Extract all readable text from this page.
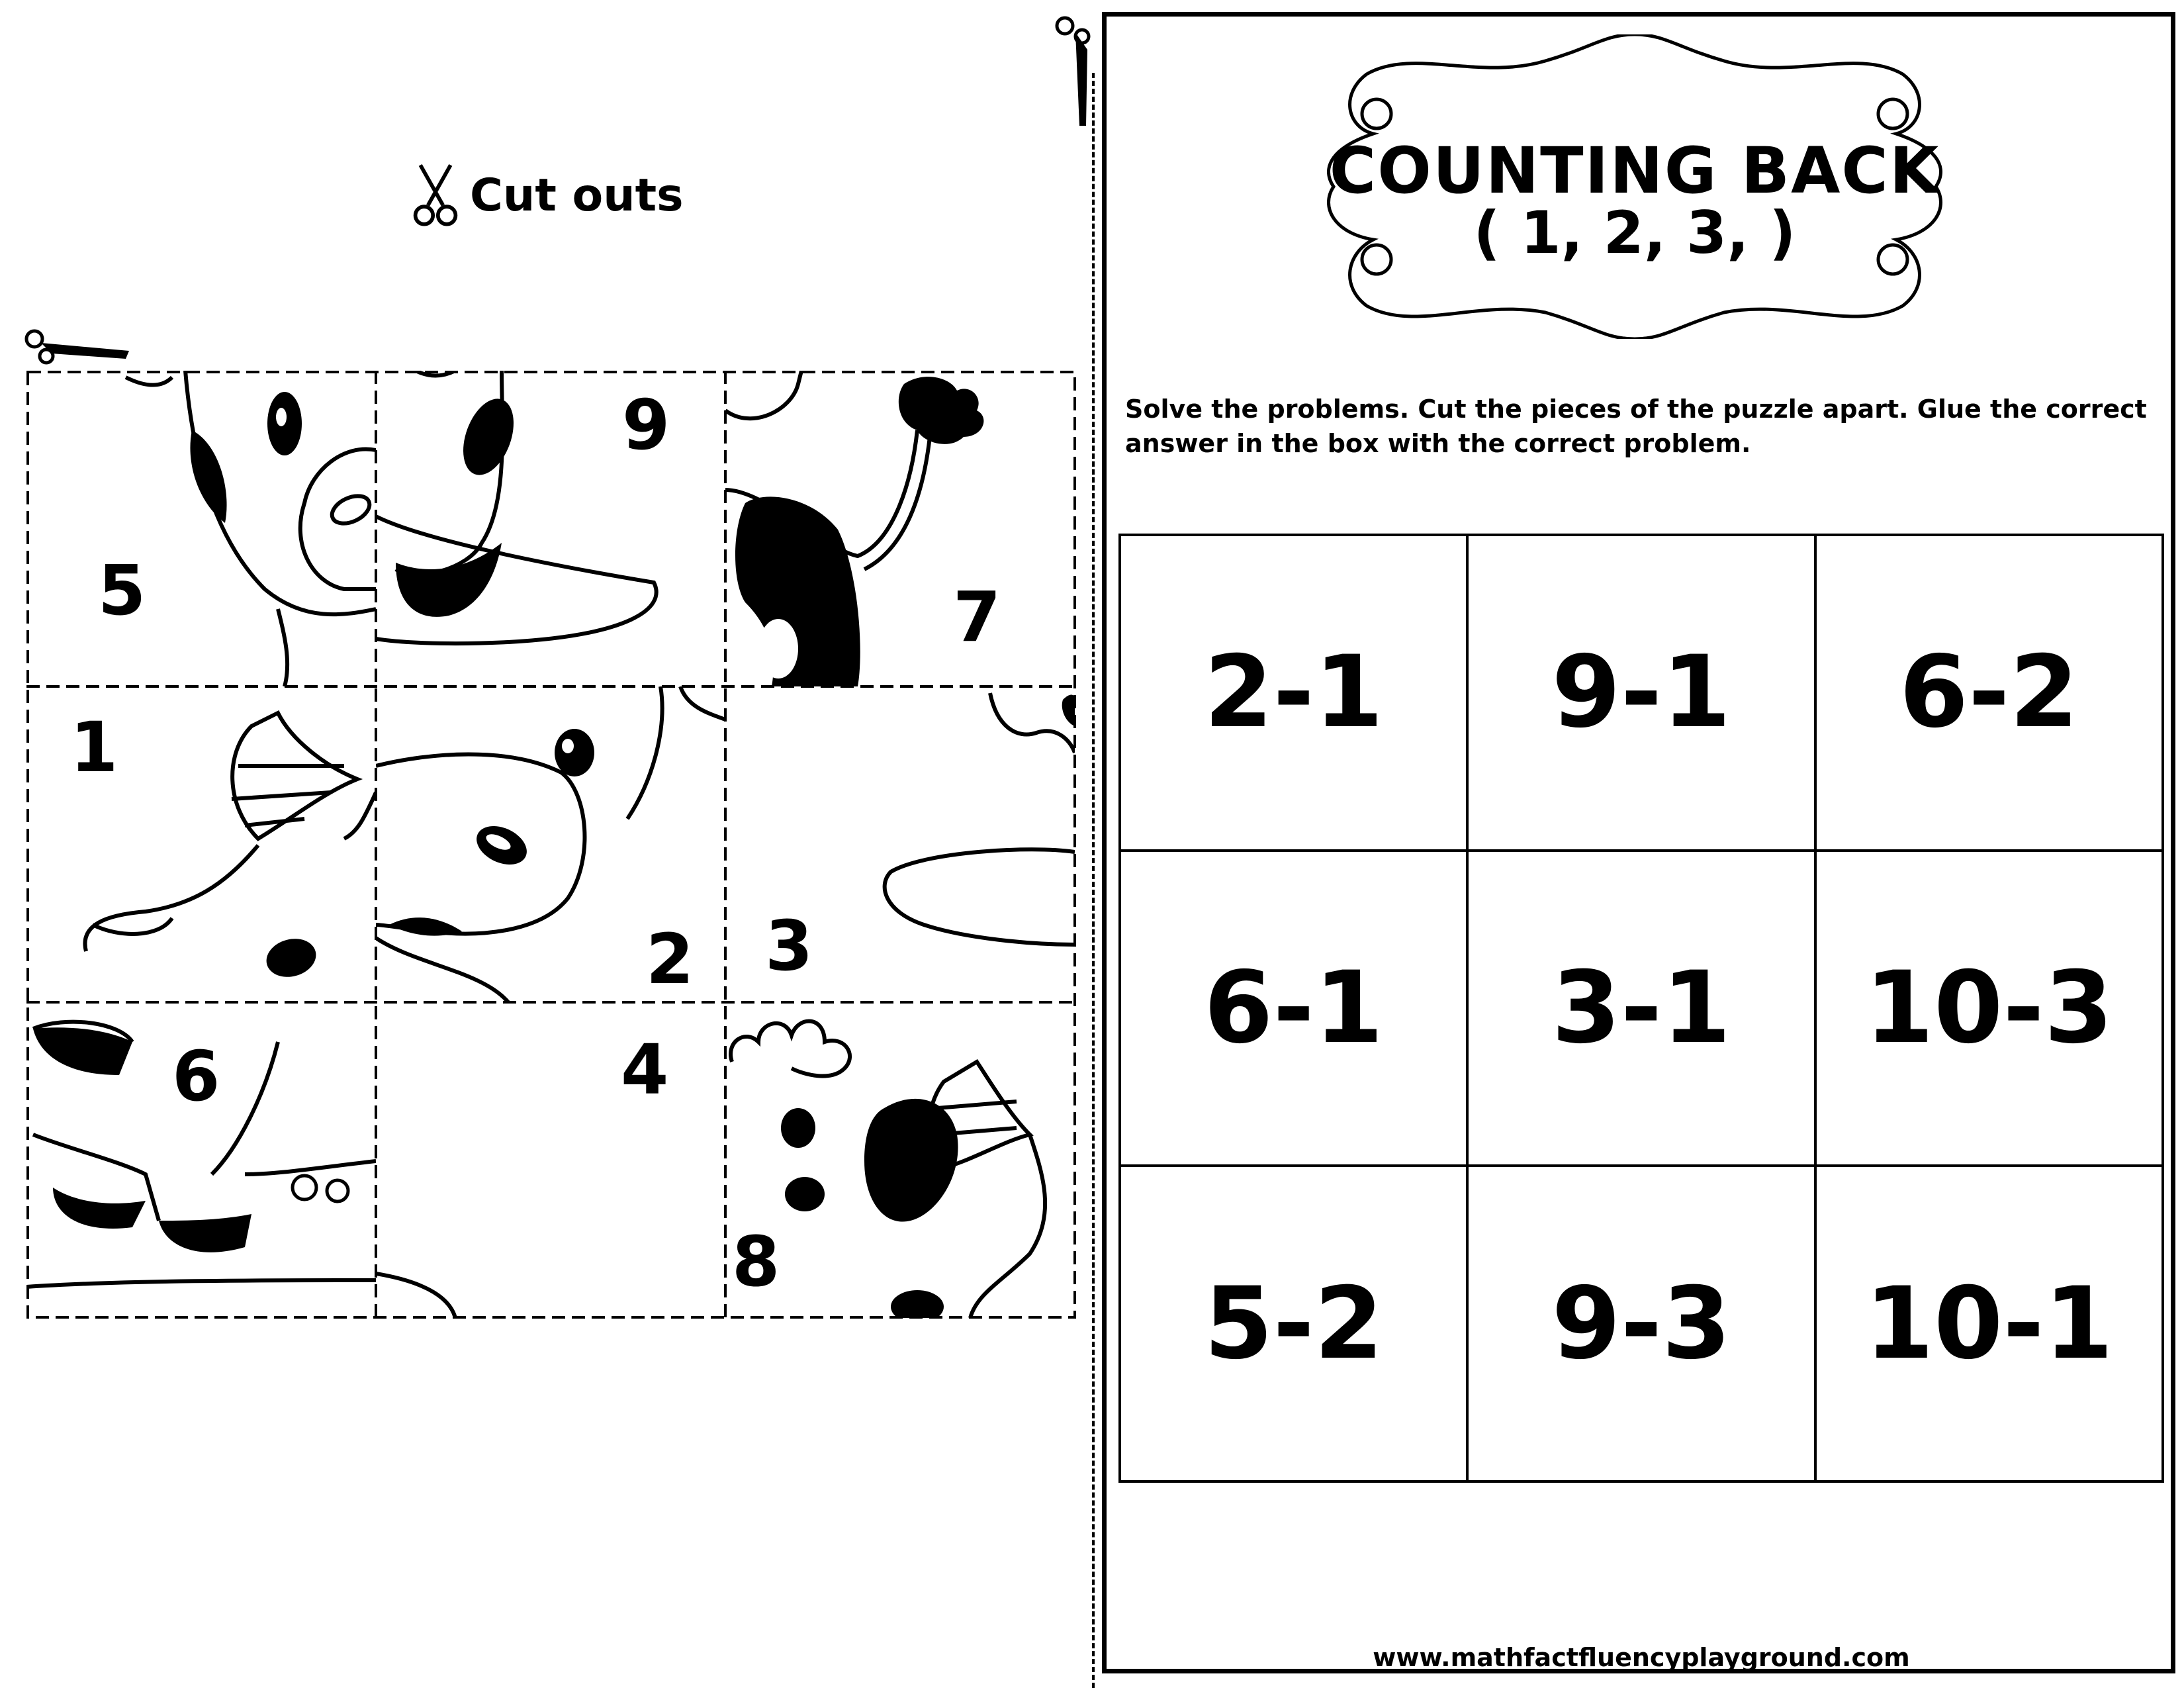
Cut outs
5
9
7
1
2 3
6	4
8
COUNTING BACK
( 1, 2, 3, )
Solve the problems. Cut the pieces of the puzzle apart. Glue the correct answer in the box with the correct problem.
2-1	9-1	6-2
6-1	3-1	10-3
5-2	9-3	10-1
www.mathfactfluencyplayground.com
